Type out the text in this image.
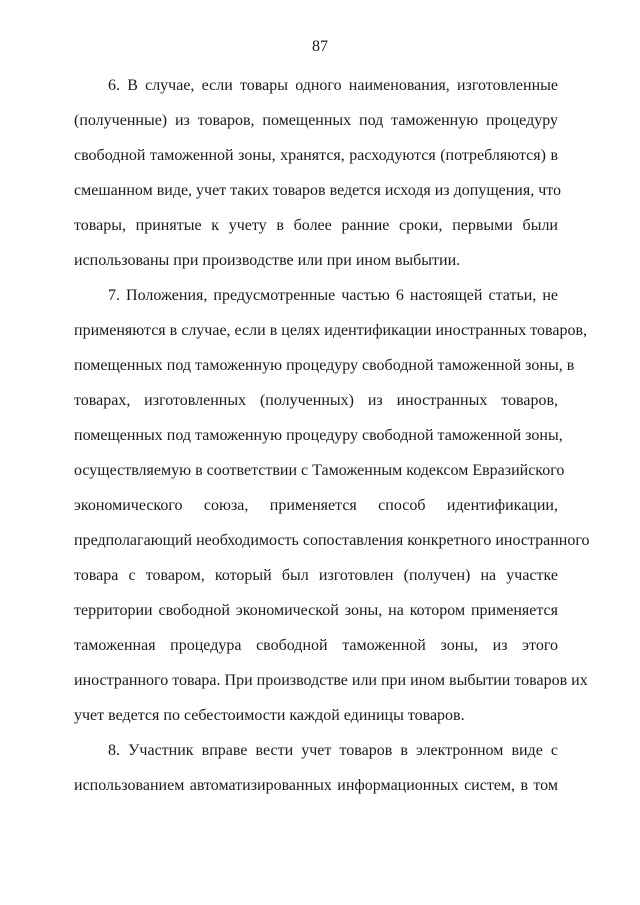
87
6. В случае, если товары одного наименования, изготовленные
(полученные) из товаров, помещенных под таможенную процедуру
свободной таможенной зоны, хранятся, расходуются (потребляются) в
смешанном виде, учет таких товаров ведется исходя из допущения, что
товары, принятые к учету в более ранние сроки, первыми были
использованы при производстве или при ином выбытии.
7. Положения, предусмотренные частью 6 настоящей статьи, не
применяются в случае, если в целях идентификации иностранных товаров,
помещенных под таможенную процедуру свободной таможенной зоны, в
товарах, изготовленных (полученных) из иностранных товаров,
помещенных под таможенную процедуру свободной таможенной зоны,
осуществляемую в соответствии с Таможенным кодексом Евразийского
экономического союза, применяется способ идентификации,
предполагающий необходимость сопоставления конкретного иностранного
товара с товаром, который был изготовлен (получен) на участке
территории свободной экономической зоны, на котором применяется
таможенная процедура свободной таможенной зоны, из этого
иностранного товара. При производстве или при ином выбытии товаров их
учет ведется по себестоимости каждой единицы товаров.
8. Участник вправе вести учет товаров в электронном виде с
использованием автоматизированных информационных систем, в том
